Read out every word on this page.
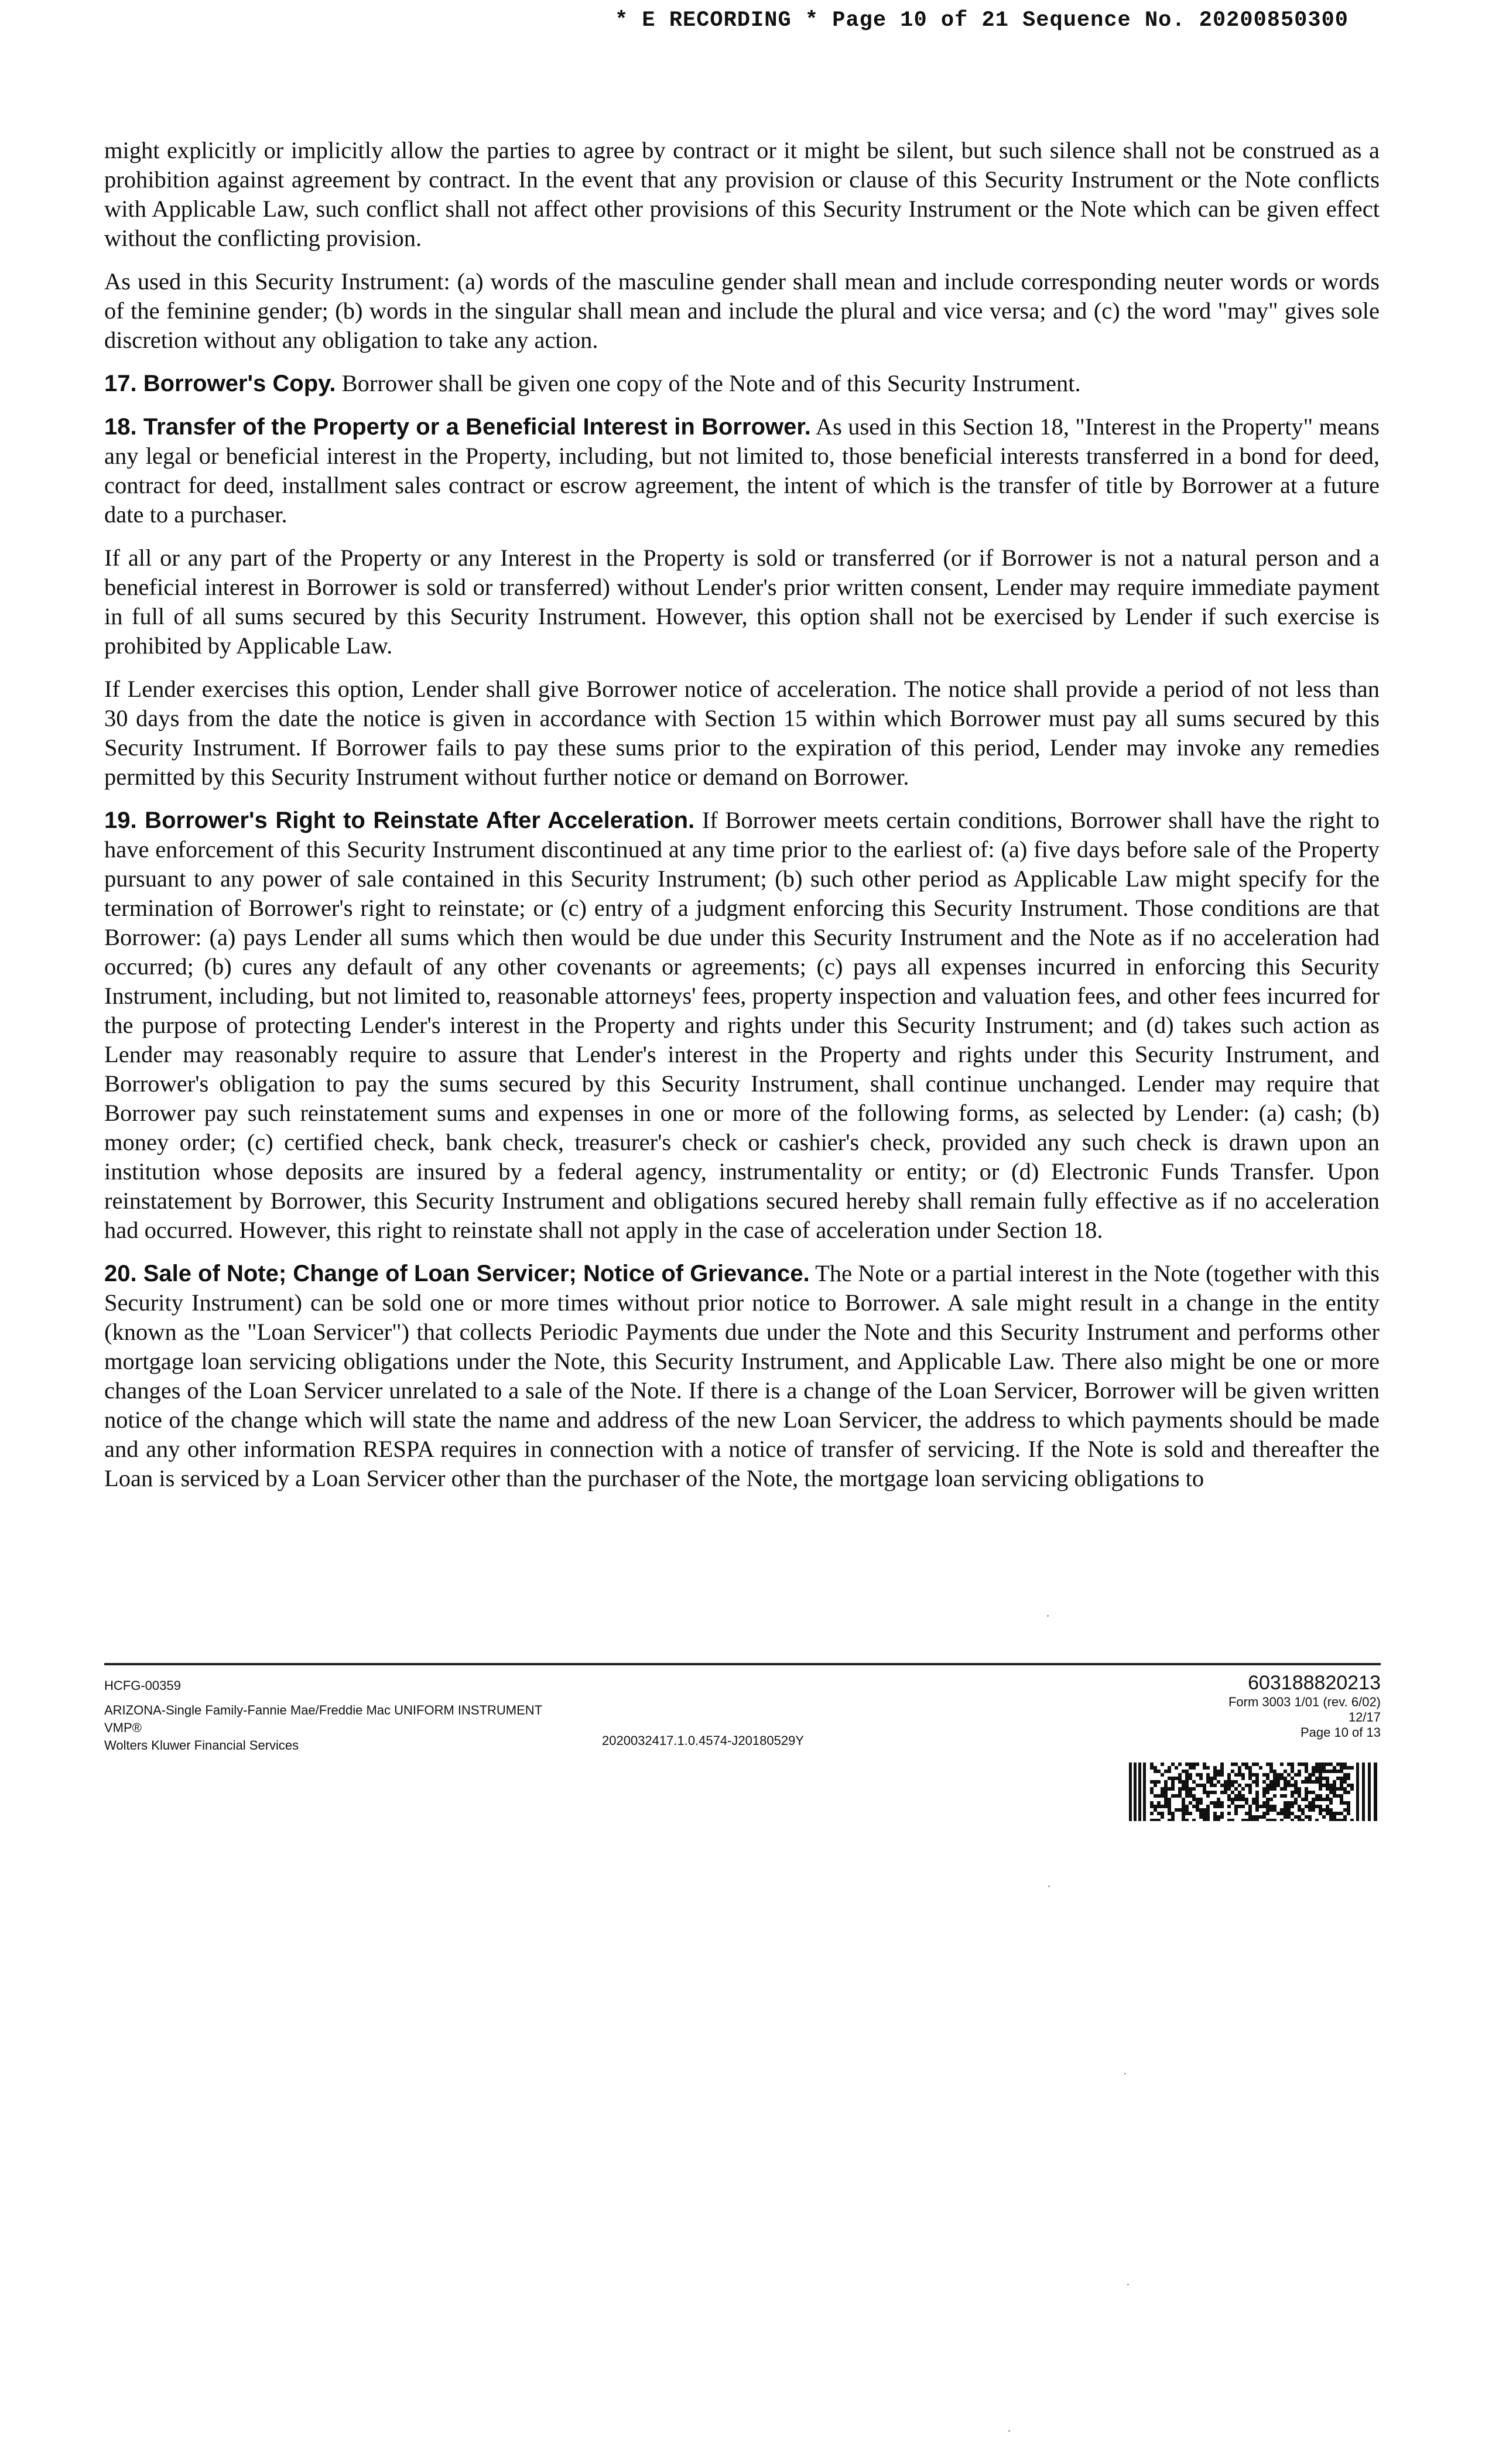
* E RECORDING * Page 10 of 21 Sequence No. 20200850300

might explicitly or implicitly allow the parties to agree by contract or it might be silent, but such silence shall not be construed as a prohibition against agreement by contract. In the event that any provision or clause of this Security Instrument or the Note conflicts with Applicable Law, such conflict shall not affect other provisions of this Security Instrument or the Note which can be given effect without the conflicting provision.

As used in this Security Instrument: (a) words of the masculine gender shall mean and include corresponding neuter words or words of the feminine gender; (b) words in the singular shall mean and include the plural and vice versa; and (c) the word "may" gives sole discretion without any obligation to take any action.

17. Borrower's Copy. Borrower shall be given one copy of the Note and of this Security Instrument.

18. Transfer of the Property or a Beneficial Interest in Borrower. As used in this Section 18, "Interest in the Property" means any legal or beneficial interest in the Property, including, but not limited to, those beneficial interests transferred in a bond for deed, contract for deed, installment sales contract or escrow agreement, the intent of which is the transfer of title by Borrower at a future date to a purchaser.

If all or any part of the Property or any Interest in the Property is sold or transferred (or if Borrower is not a natural person and a beneficial interest in Borrower is sold or transferred) without Lender's prior written consent, Lender may require immediate payment in full of all sums secured by this Security Instrument. However, this option shall not be exercised by Lender if such exercise is prohibited by Applicable Law.

If Lender exercises this option, Lender shall give Borrower notice of acceleration. The notice shall provide a period of not less than 30 days from the date the notice is given in accordance with Section 15 within which Borrower must pay all sums secured by this Security Instrument. If Borrower fails to pay these sums prior to the expiration of this period, Lender may invoke any remedies permitted by this Security Instrument without further notice or demand on Borrower.

19. Borrower's Right to Reinstate After Acceleration. If Borrower meets certain conditions, Borrower shall have the right to have enforcement of this Security Instrument discontinued at any time prior to the earliest of: (a) five days before sale of the Property pursuant to any power of sale contained in this Security Instrument; (b) such other period as Applicable Law might specify for the termination of Borrower's right to reinstate; or (c) entry of a judgment enforcing this Security Instrument. Those conditions are that Borrower: (a) pays Lender all sums which then would be due under this Security Instrument and the Note as if no acceleration had occurred; (b) cures any default of any other covenants or agreements; (c) pays all expenses incurred in enforcing this Security Instrument, including, but not limited to, reasonable attorneys' fees, property inspection and valuation fees, and other fees incurred for the purpose of protecting Lender's interest in the Property and rights under this Security Instrument; and (d) takes such action as Lender may reasonably require to assure that Lender's interest in the Property and rights under this Security Instrument, and Borrower's obligation to pay the sums secured by this Security Instrument, shall continue unchanged. Lender may require that Borrower pay such reinstatement sums and expenses in one or more of the following forms, as selected by Lender: (a) cash; (b) money order; (c) certified check, bank check, treasurer's check or cashier's check, provided any such check is drawn upon an institution whose deposits are insured by a federal agency, instrumentality or entity; or (d) Electronic Funds Transfer. Upon reinstatement by Borrower, this Security Instrument and obligations secured hereby shall remain fully effective as if no acceleration had occurred. However, this right to reinstate shall not apply in the case of acceleration under Section 18.

20. Sale of Note; Change of Loan Servicer; Notice of Grievance. The Note or a partial interest in the Note (together with this Security Instrument) can be sold one or more times without prior notice to Borrower. A sale might result in a change in the entity (known as the "Loan Servicer") that collects Periodic Payments due under the Note and this Security Instrument and performs other mortgage loan servicing obligations under the Note, this Security Instrument, and Applicable Law. There also might be one or more changes of the Loan Servicer unrelated to a sale of the Note. If there is a change of the Loan Servicer, Borrower will be given written notice of the change which will state the name and address of the new Loan Servicer, the address to which payments should be made and any other information RESPA requires in connection with a notice of transfer of servicing. If the Note is sold and thereafter the Loan is serviced by a Loan Servicer other than the purchaser of the Note, the mortgage loan servicing obligations to

HCFG-00359
ARIZONA-Single Family-Fannie Mae/Freddie Mac UNIFORM INSTRUMENT
VMP®
Wolters Kluwer Financial Services	2020032417.1.0.4574-J20180529Y
603188820213
Form 3003 1/01 (rev. 6/02)
12/17
Page 10 of 13
